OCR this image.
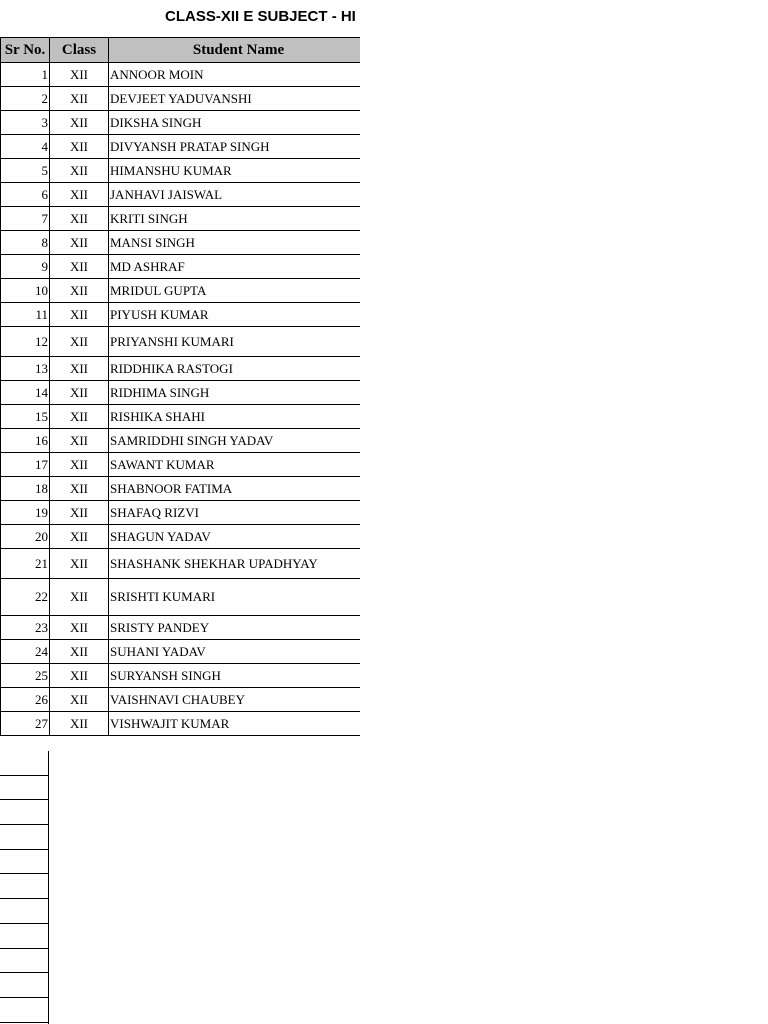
CLASS-XII E SUBJECT - HI
Sr No.	Class	Student Name
1	XII	ANNOOR MOIN
2	XII	DEVJEET YADUVANSHI
3	XII	DIKSHA SINGH
4	XII	DIVYANSH PRATAP SINGH
5	XII	HIMANSHU KUMAR
6	XII	JANHAVI JAISWAL
7	XII	KRITI SINGH
8	XII	MANSI SINGH
9	XII	MD ASHRAF
10	XII	MRIDUL GUPTA
11	XII	PIYUSH KUMAR
12	XII	PRIYANSHI KUMARI
13	XII	RIDDHIKA RASTOGI
14	XII	RIDHIMA SINGH
15	XII	RISHIKA SHAHI
16	XII	SAMRIDDHI SINGH YADAV
17	XII	SAWANT KUMAR
18	XII	SHABNOOR FATIMA
19	XII	SHAFAQ RIZVI
20	XII	SHAGUN YADAV
21	XII	SHASHANK SHEKHAR UPADHYAY
22	XII	SRISHTI KUMARI
23	XII	SRISTY PANDEY
24	XII	SUHANI YADAV
25	XII	SURYANSH SINGH
26	XII	VAISHNAVI CHAUBEY
27	XII	VISHWAJIT KUMAR
